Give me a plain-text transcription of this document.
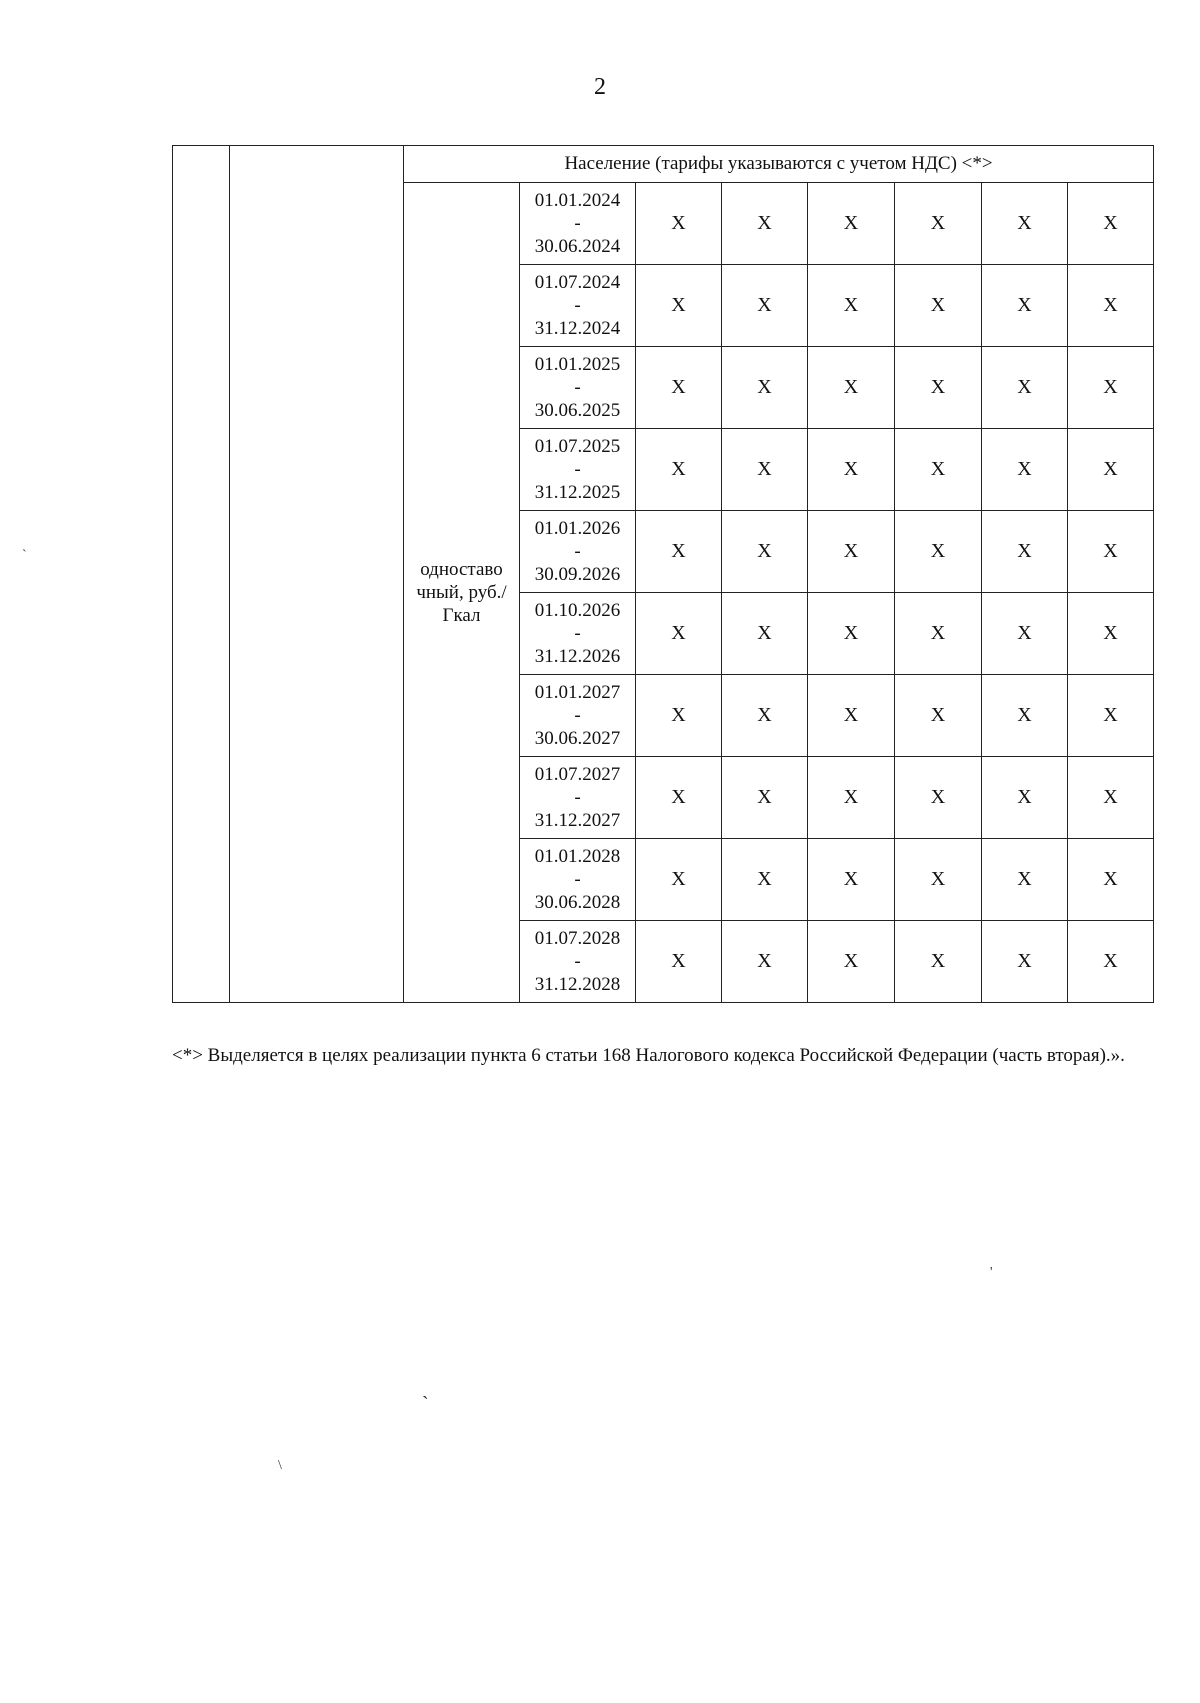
2
		Население (тарифы указываются с учетом НДС) <*>							
		одноставо чный, руб./Гкал	01.01.2024
-
30.06.2024	X	X	X	X	X	X

			01.07.2024
-
31.12.2024	X	X	X	X	X	X

			01.01.2025
-
30.06.2025	X	X	X	X	X	X

			01.07.2025
-
31.12.2025	X	X	X	X	X	X

			01.01.2026
-
30.09.2026	X	X	X	X	X	X

			01.10.2026
-
31.12.2026	X	X	X	X	X	X

			01.01.2027
-
30.06.2027	X	X	X	X	X	X

			01.07.2027
-
31.12.2027	X	X	X	X	X	X

			01.01.2028
-
30.06.2028	X	X	X	X	X	X

			01.07.2028
-
31.12.2028	X	X	X	X	X	X
<*> Выделяется в целях реализации пункта 6 статьи 168 Налогового кодекса Российской Федерации (часть вторая).».
`
'
`
\
